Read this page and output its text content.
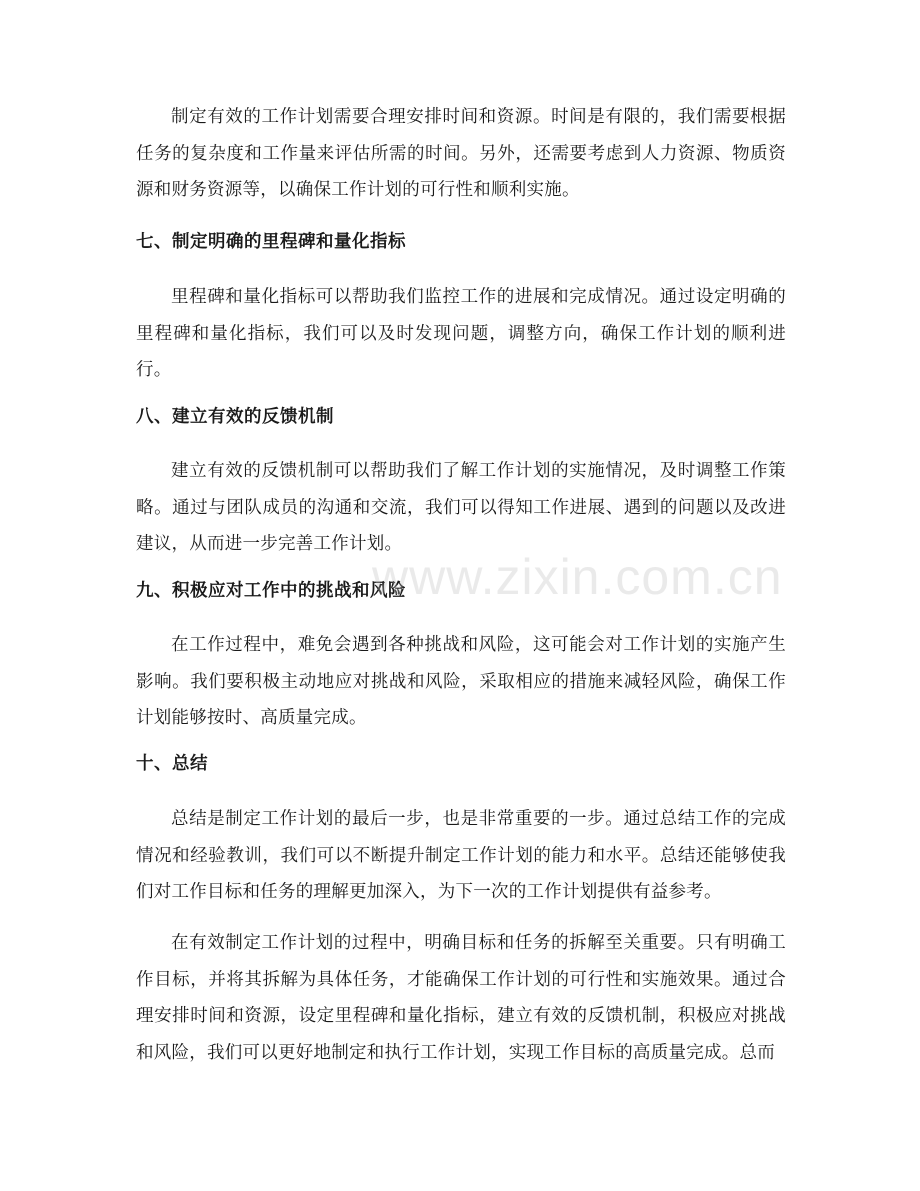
制定有效的工作计划需要合理安排时间和资源。时间是有限的，我们需要根据任务的复杂度和工作量来评估所需的时间。另外，还需要考虑到人力资源、物质资源和财务资源等，以确保工作计划的可行性和顺利实施。

七、制定明确的里程碑和量化指标

里程碑和量化指标可以帮助我们监控工作的进展和完成情况。通过设定明确的里程碑和量化指标，我们可以及时发现问题，调整方向，确保工作计划的顺利进行。

八、建立有效的反馈机制

建立有效的反馈机制可以帮助我们了解工作计划的实施情况，及时调整工作策略。通过与团队成员的沟通和交流，我们可以得知工作进展、遇到的问题以及改进建议，从而进一步完善工作计划。

九、积极应对工作中的挑战和风险

在工作过程中，难免会遇到各种挑战和风险，这可能会对工作计划的实施产生影响。我们要积极主动地应对挑战和风险，采取相应的措施来减轻风险，确保工作计划能够按时、高质量完成。

十、总结

总结是制定工作计划的最后一步，也是非常重要的一步。通过总结工作的完成情况和经验教训，我们可以不断提升制定工作计划的能力和水平。总结还能够使我们对工作目标和任务的理解更加深入，为下一次的工作计划提供有益参考。

在有效制定工作计划的过程中，明确目标和任务的拆解至关重要。只有明确工作目标，并将其拆解为具体任务，才能确保工作计划的可行性和实施效果。通过合理安排时间和资源，设定里程碑和量化指标，建立有效的反馈机制，积极应对挑战和风险，我们可以更好地制定和执行工作计划，实现工作目标的高质量完成。总而

www.zixin.com.cn
